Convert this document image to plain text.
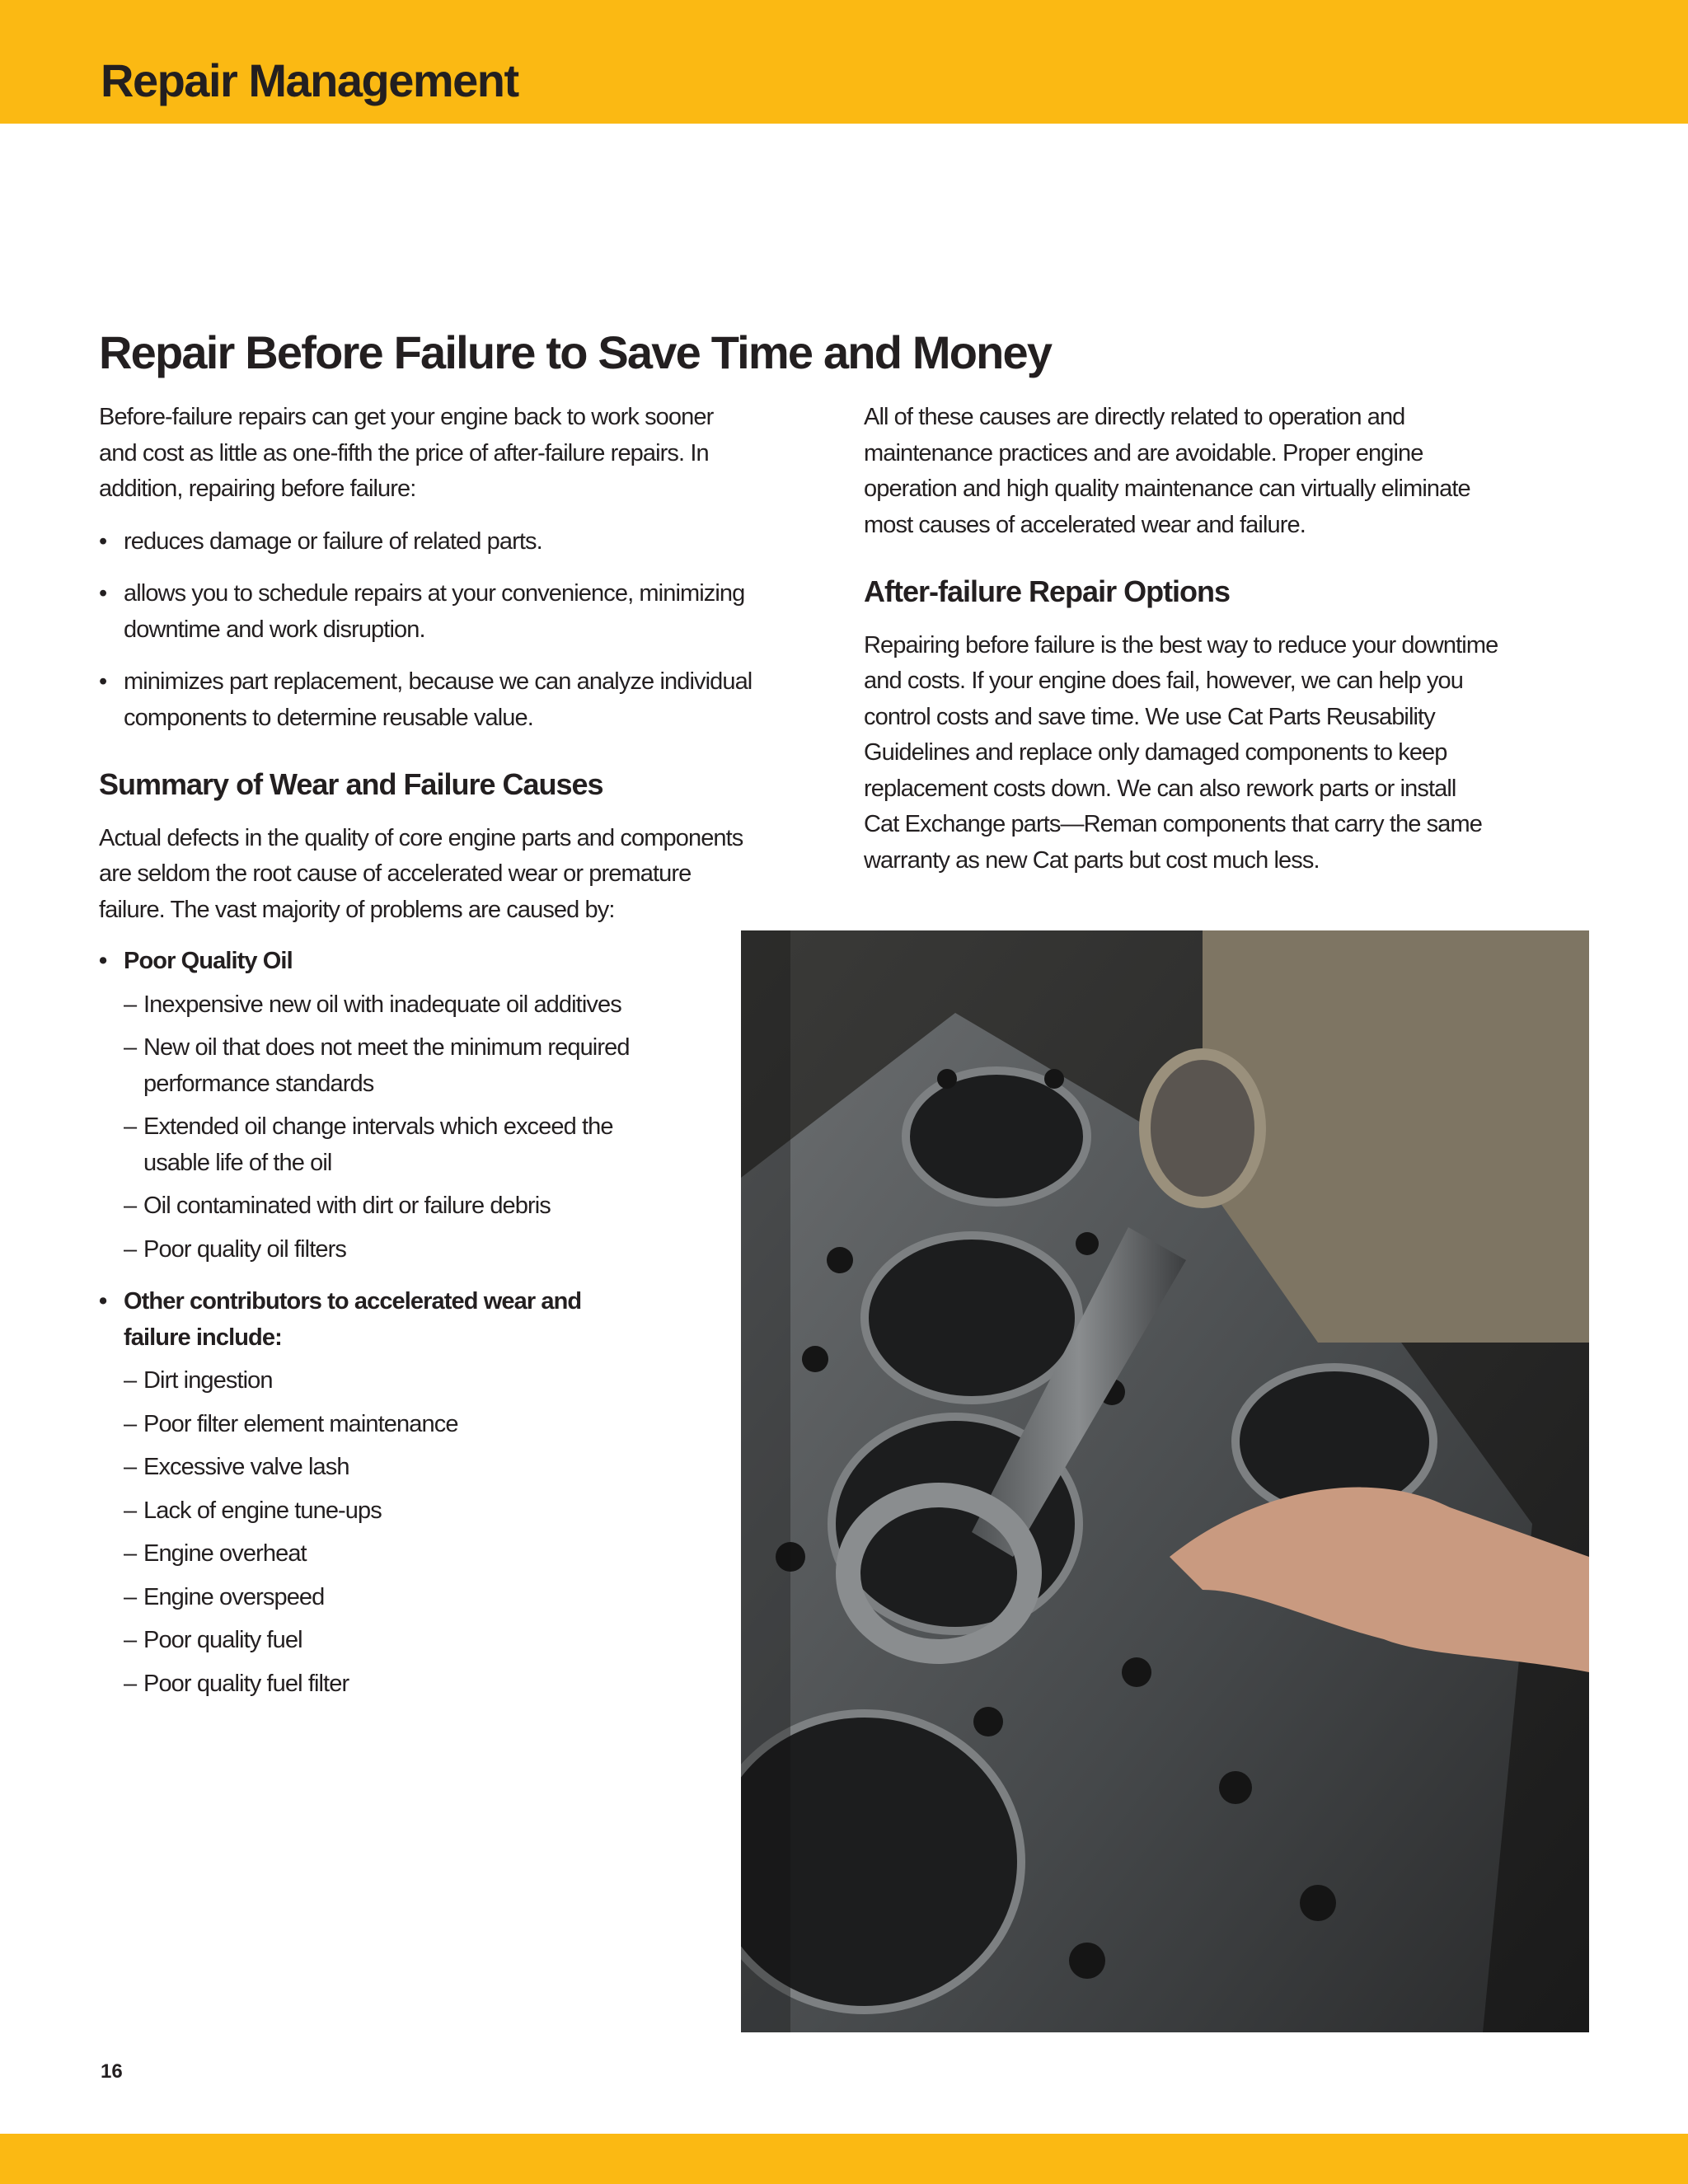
Repair Management
Repair Before Failure to Save Time and Money

Before-failure repairs can get your engine back to work sooner
and cost as little as one-fifth the price of after-failure repairs. In
addition, repairing before failure:

• reduces damage or failure of related parts.
• allows you to schedule repairs at your convenience, minimizing
downtime and work disruption.
• minimizes part replacement, because we can analyze individual
components to determine reusable value.
Summary of Wear and Failure Causes

Actual defects in the quality of core engine parts and components
are seldom the root cause of accelerated wear or premature
failure. The vast majority of problems are caused by:

• Poor Quality Oil
– Inexpensive new oil with inadequate oil additives
– New oil that does not meet the minimum required
performance standards
– Extended oil change intervals which exceed the
usable life of the oil
– Oil contaminated with dirt or failure debris
– Poor quality oil filters
• Other contributors to accelerated wear and
failure include:
– Dirt ingestion
– Poor filter element maintenance
– Excessive valve lash
– Lack of engine tune-ups
– Engine overheat
– Engine overspeed
– Poor quality fuel
– Poor quality fuel filter

All of these causes are directly related to operation and
maintenance practices and are avoidable. Proper engine
operation and high quality maintenance can virtually eliminate
most causes of accelerated wear and failure.

After-failure Repair Options

Repairing before failure is the best way to reduce your downtime
and costs. If your engine does fail, however, we can help you
control costs and save time. We use Cat Parts Reusability
Guidelines and replace only damaged components to keep
replacement costs down. We can also rework parts or install
Cat Exchange parts—Reman components that carry the same
warranty as new Cat parts but cost much less.

16
